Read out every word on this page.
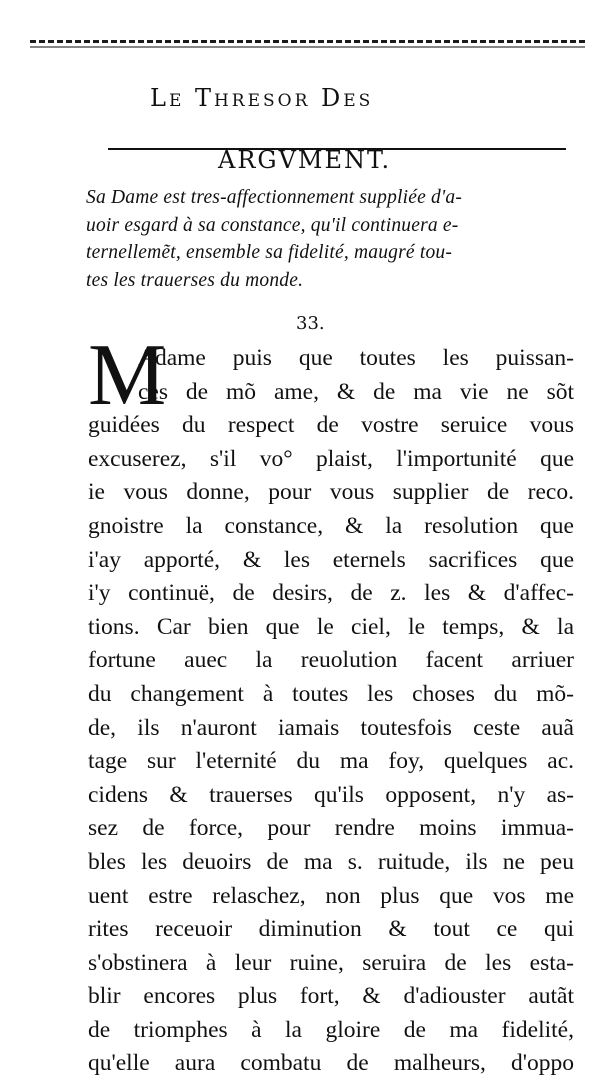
Le Thresor Des
ARGVMENT.
Sa Dame est tres-affectionnement suppliée d'a-
uoir esgard à sa constance, qu'il continuera e-
ternellemẽt, ensemble sa fidelité, maugré tou-
tes les trauerses du monde.
33.
M
Adame puis que toutes les puissan-
ces de mõ ame, & de ma vie ne sõt
guidées du respect de vostre seruice vous
excuserez, s'il vo° plaist, l'importunité que
ie vous donne, pour vous supplier de reco.
gnoistre la constance, & la resolution que
i'ay apporté, & les eternels sacrifices que
i'y continuë, de desirs, de z. les & d'affec-
tions. Car bien que le ciel, le temps, & la
fortune auec la reuolution facent arriuer
du changement à toutes les choses du mõ-
de, ils n'auront iamais toutesfois ceste auã
tage sur l'eternité du ma foy, quelques ac.
cidens & trauerses qu'ils opposent, n'y as-
sez de force, pour rendre moins immua-
bles les deuoirs de ma s. ruitude, ils ne peu
uent estre relaschez, non plus que vos me
rites receuoir diminution & tout ce qui
s'obstinera à leur ruine, seruira de les esta-
blir encores plus fort, & d'adiouster autãt
de triomphes à la gloire de ma fidelité,
qu'elle aura combatu de malheurs, d'oppo
